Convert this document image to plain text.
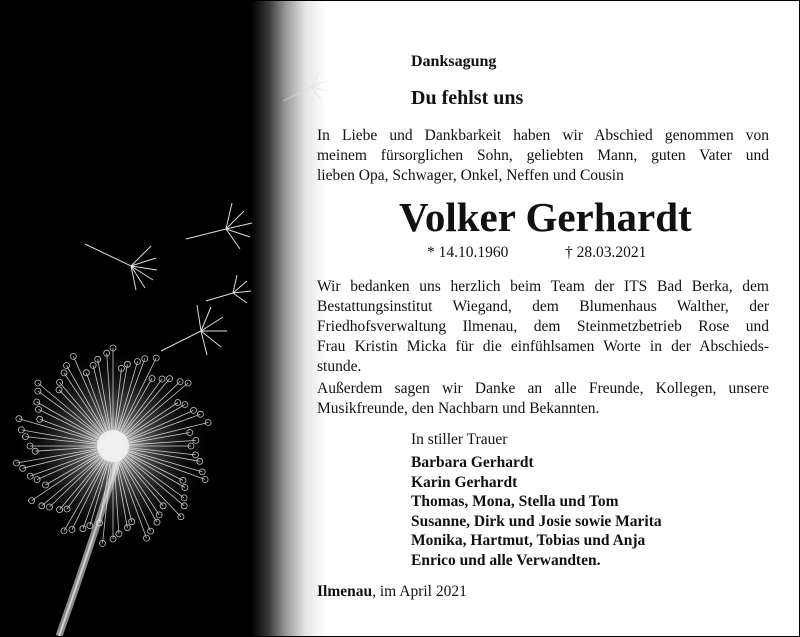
Danksagung
Du fehlst uns
In Liebe und Dankbarkeit haben wir Abschied genommen von
meinem fürsorglichen Sohn, geliebten Mann, guten Vater und
lieben Opa, Schwager, Onkel, Neffen und Cousin
Volker Gerhardt
* 14.10.1960	† 28.03.2021
Wir bedanken uns herzlich beim Team der ITS Bad Berka, dem
Bestattungsinstitut Wiegand, dem Blumenhaus Walther, der
Friedhofsverwaltung Ilmenau, dem Steinmetzbetrieb Rose und
Frau Kristin Micka für die einfühlsamen Worte in der Abschieds-
stunde.
Außerdem sagen wir Danke an alle Freunde, Kollegen, unsere
Musikfreunde, den Nachbarn und Bekannten.
In stiller Trauer
Barbara Gerhardt
Karin Gerhardt
Thomas, Mona, Stella und Tom
Susanne, Dirk und Josie sowie Marita
Monika, Hartmut, Tobias und Anja
Enrico und alle Verwandten.
Ilmenau, im April 2021
